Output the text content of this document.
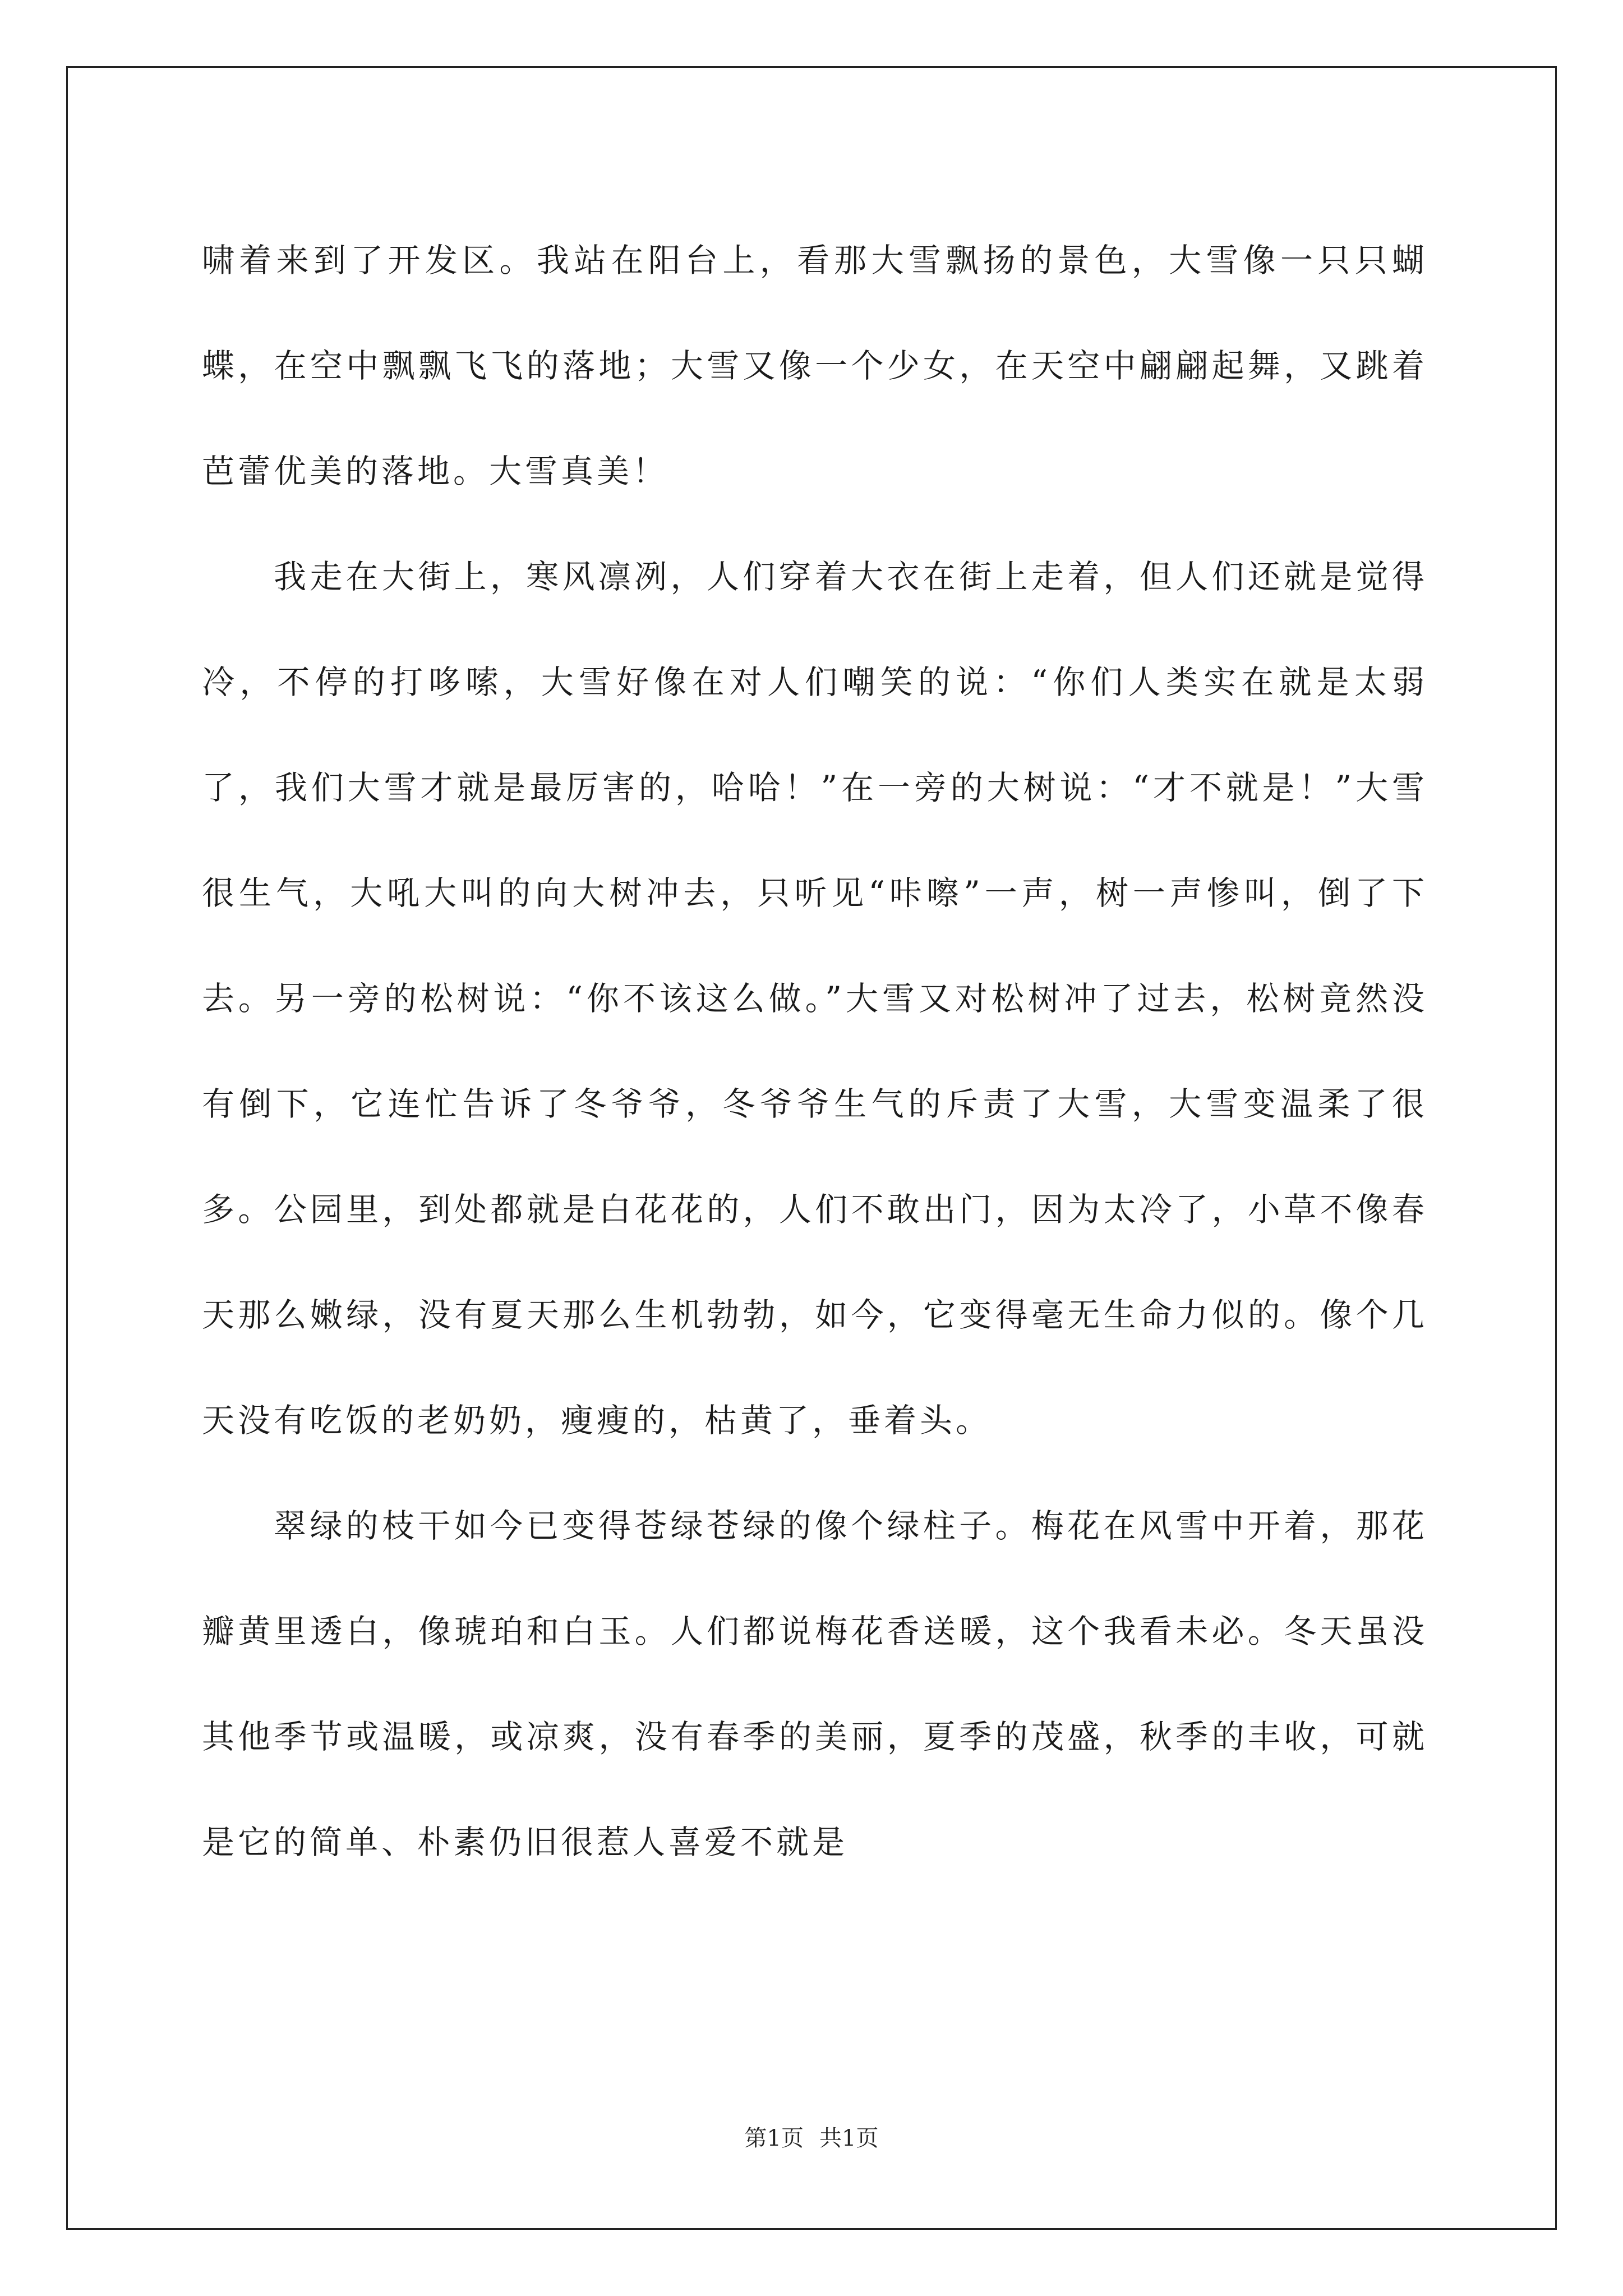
啸着来到了开发区。我站在阳台上，看那大雪飘扬的景色，大雪像一只只蝴蝶，在空中飘飘飞飞的落地；大雪又像一个少女，在天空中翩翩起舞，又跳着芭蕾优美的落地。大雪真美！

我走在大街上，寒风凛冽，人们穿着大衣在街上走着，但人们还就是觉得冷，不停的打哆嗦，大雪好像在对人们嘲笑的说：“你们人类实在就是太弱了，我们大雪才就是最厉害的，哈哈！”在一旁的大树说：“才不就是！”大雪很生气，大吼大叫的向大树冲去，只听见“咔嚓”一声，树一声惨叫，倒了下去。另一旁的松树说：“你不该这么做。”大雪又对松树冲了过去，松树竟然没有倒下，它连忙告诉了冬爷爷，冬爷爷生气的斥责了大雪，大雪变温柔了很多。公园里，到处都就是白花花的，人们不敢出门，因为太冷了，小草不像春天那么嫩绿，没有夏天那么生机勃勃，如今，它变得毫无生命力似的。像个几天没有吃饭的老奶奶，瘦瘦的，枯黄了，垂着头。

翠绿的枝干如今已变得苍绿苍绿的像个绿柱子。梅花在风雪中开着，那花瓣黄里透白，像琥珀和白玉。人们都说梅花香送暖，这个我看未必。冬天虽没其他季节或温暖，或凉爽，没有春季的美丽，夏季的茂盛，秋季的丰收，可就是它的简单、朴素仍旧很惹人喜爱不就是

第1页 共1页
